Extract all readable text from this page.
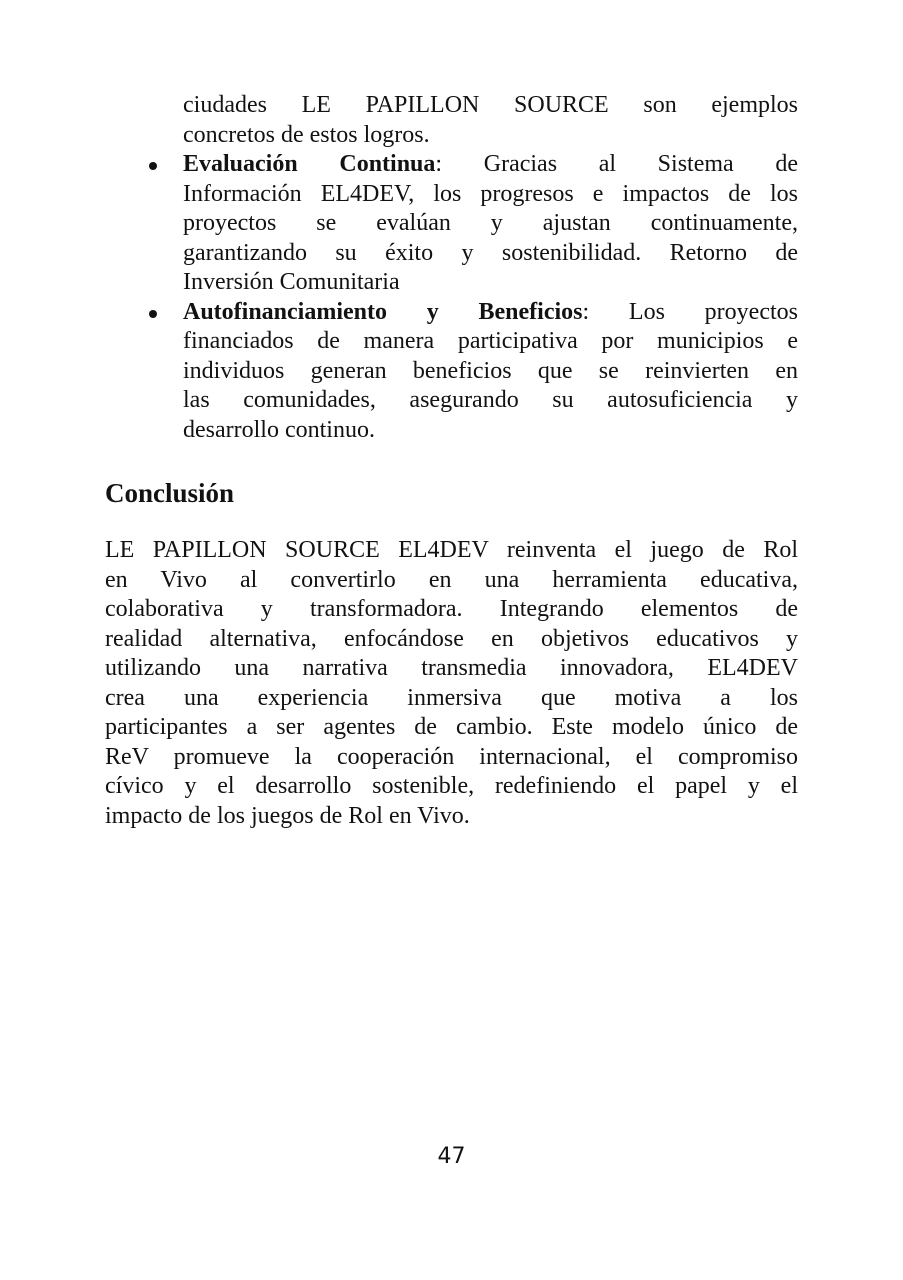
ciudades LE PAPILLON SOURCE son ejemplos
concretos de estos logros.
Evaluación Continua: Gracias al Sistema de
Información EL4DEV, los progresos e impactos de los
proyectos se evalúan y ajustan continuamente,
garantizando su éxito y sostenibilidad. Retorno de
Inversión Comunitaria
Autofinanciamiento y Beneficios: Los proyectos
financiados de manera participativa por municipios e
individuos generan beneficios que se reinvierten en
las comunidades, asegurando su autosuficiencia y
desarrollo continuo.
Conclusión
LE PAPILLON SOURCE EL4DEV reinventa el juego de Rol
en Vivo al convertirlo en una herramienta educativa,
colaborativa y transformadora. Integrando elementos de
realidad alternativa, enfocándose en objetivos educativos y
utilizando una narrativa transmedia innovadora, EL4DEV
crea una experiencia inmersiva que motiva a los
participantes a ser agentes de cambio. Este modelo único de
ReV promueve la cooperación internacional, el compromiso
cívico y el desarrollo sostenible, redefiniendo el papel y el
impacto de los juegos de Rol en Vivo.
47
